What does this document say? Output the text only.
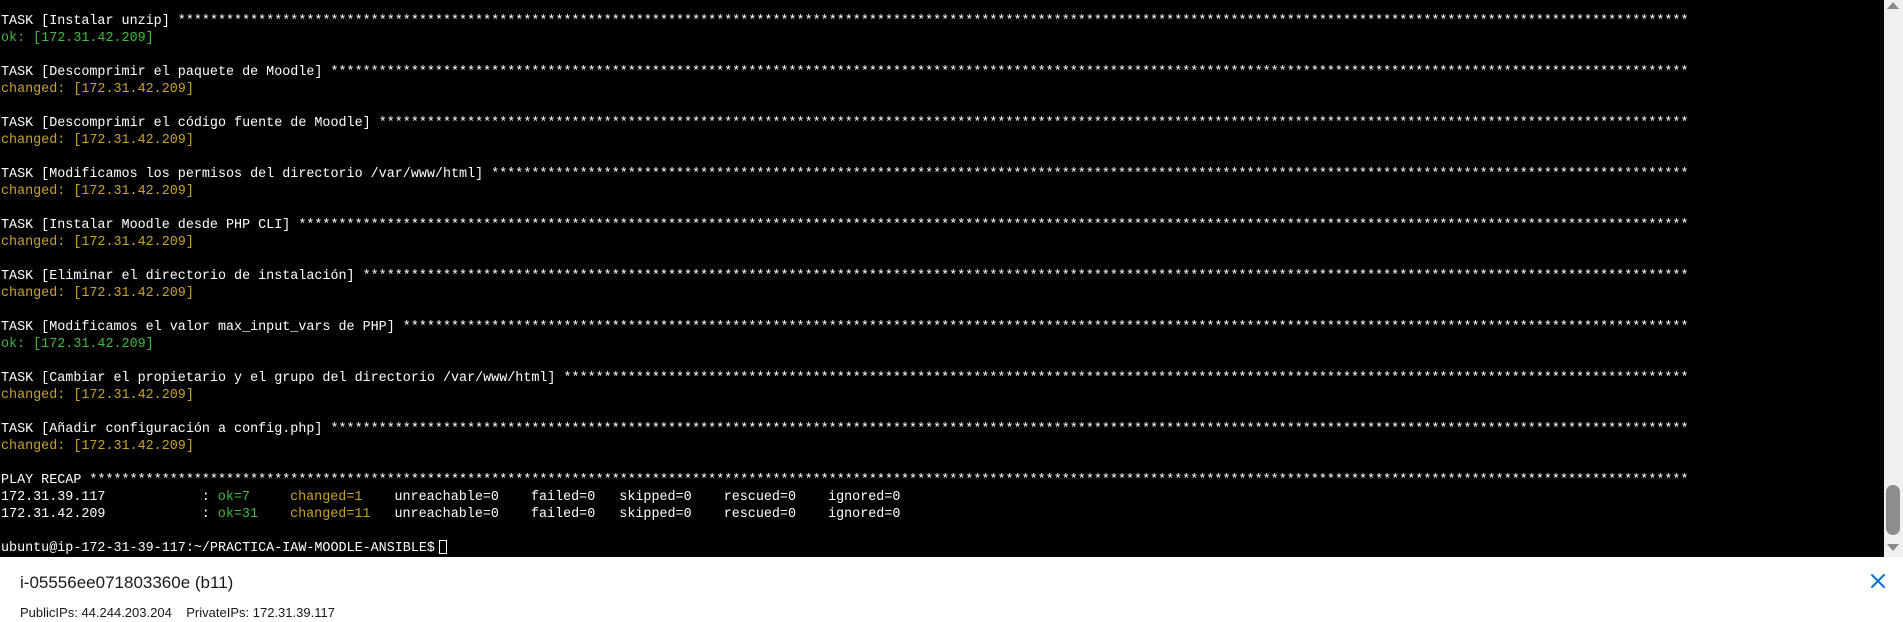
TASK [Instalar unzip] ********************************************************************************************************************************************************************************************
ok: [172.31.42.209]

TASK [Descomprimir el paquete de Moodle] *************************************************************************************************************************************************************************
changed: [172.31.42.209]

TASK [Descomprimir el código fuente de Moodle] *******************************************************************************************************************************************************************
changed: [172.31.42.209]

TASK [Modificamos los permisos del directorio /var/www/html] *****************************************************************************************************************************************************
changed: [172.31.42.209]

TASK [Instalar Moodle desde PHP CLI] *****************************************************************************************************************************************************************************
changed: [172.31.42.209]

TASK [Eliminar el directorio de instalación] *********************************************************************************************************************************************************************
changed: [172.31.42.209]

TASK [Modificamos el valor max_input_vars de PHP] ****************************************************************************************************************************************************************
ok: [172.31.42.209]

TASK [Cambiar el propietario y el grupo del directorio /var/www/html] ********************************************************************************************************************************************
changed: [172.31.42.209]

TASK [Añadir configuración a config.php] *************************************************************************************************************************************************************************
changed: [172.31.42.209]

PLAY RECAP *******************************************************************************************************************************************************************************************************
172.31.39.117	ok=7	changed=1 unreachable=0 failed=0 skipped=0 rescued=0 ignored=0
:
172.31.42.209	ok=31 changed=11 unreachable=0 failed=0 skipped=0 rescued=0 ignored=0
:

ubuntu@ip-172-31-39-117:~/PRACTICA-IAW-MOODLE-ANSIBLE$
i-05556ee071803360e (b11)
PublicIPs: 44.244.203.204 PrivateIPs: 172.31.39.117
